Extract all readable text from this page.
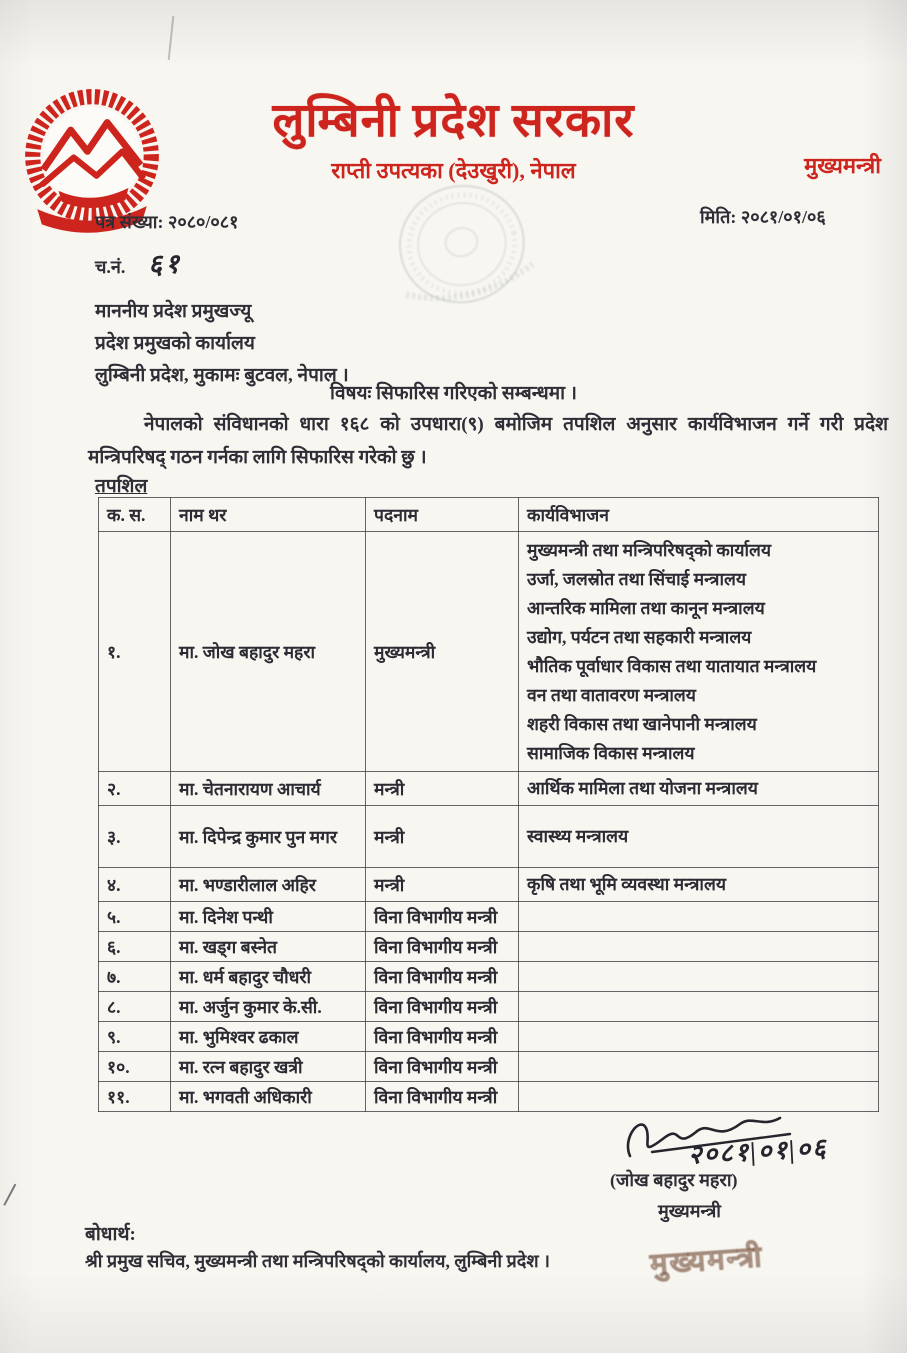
लुम्बिनी प्रदेश सरकार
राप्ती उपत्यका (देउखुरी), नेपाल	मुख्यमन्त्री
पत्र संख्या: २०८०/०८१
च.नं. ६१
मिति: २०८१/०१/०६
माननीय प्रदेश प्रमुखज्यू
प्रदेश प्रमुखको कार्यालय
लुम्बिनी प्रदेश, मुकामः बुटवल, नेपाल ।
विषयः सिफारिस गरिएको सम्बन्धमा ।
नेपालको संविधानको धारा १६८ को उपधारा(९) बमोजिम तपशिल अनुसार कार्यविभाजन गर्ने गरी प्रदेश मन्त्रिपरिषद् गठन गर्नका लागि सिफारिस गरेको छु ।
तपशिल
क. स.	नाम थर	पदनाम	कार्यविभाजन
१.	मा. जोख बहादुर महरा	मुख्यमन्त्री	
मुख्यमन्त्री तथा मन्त्रिपरिषद्को कार्यालय
उर्जा, जलस्रोत तथा सिंचाई मन्त्रालय
आन्तरिक मामिला तथा कानून मन्त्रालय
उद्योग, पर्यटन तथा सहकारी मन्त्रालय
भौतिक पूर्वाधार विकास तथा यातायात मन्त्रालय
वन तथा वातावरण मन्त्रालय
शहरी विकास तथा खानेपानी मन्त्रालय
सामाजिक विकास मन्त्रालय

२.	मा. चेतनारायण आचार्य	मन्त्री	आर्थिक मामिला तथा योजना मन्त्रालय

३.	मा. दिपेन्द्र कुमार पुन मगर	मन्त्री	स्वास्थ्य मन्त्रालय

४.	मा. भण्डारीलाल अहिर	मन्त्री	कृषि तथा भूमि व्यवस्था मन्त्रालय

५.	मा. दिनेश पन्थी	विना विभागीय मन्त्री	
६.	मा. खड्ग बस्नेत	विना विभागीय मन्त्री	
७.	मा. धर्म बहादुर चौधरी	विना विभागीय मन्त्री	
८.	मा. अर्जुन कुमार के.सी.	विना विभागीय मन्त्री	
९.	मा. भुमिश्वर ढकाल	विना विभागीय मन्त्री	
१०.	मा. रत्न बहादुर खत्री	विना विभागीय मन्त्री	
११.	मा. भगवती अधिकारी	विना विभागीय मन्त्री	
२०८१|०१|०६
(जोख बहादुर महरा)
मुख्यमन्त्री
बोधार्थ:
श्री प्रमुख सचिव, मुख्यमन्त्री तथा मन्त्रिपरिषद्को कार्यालय, लुम्बिनी प्रदेश ।	मुख्यमन्त्री
